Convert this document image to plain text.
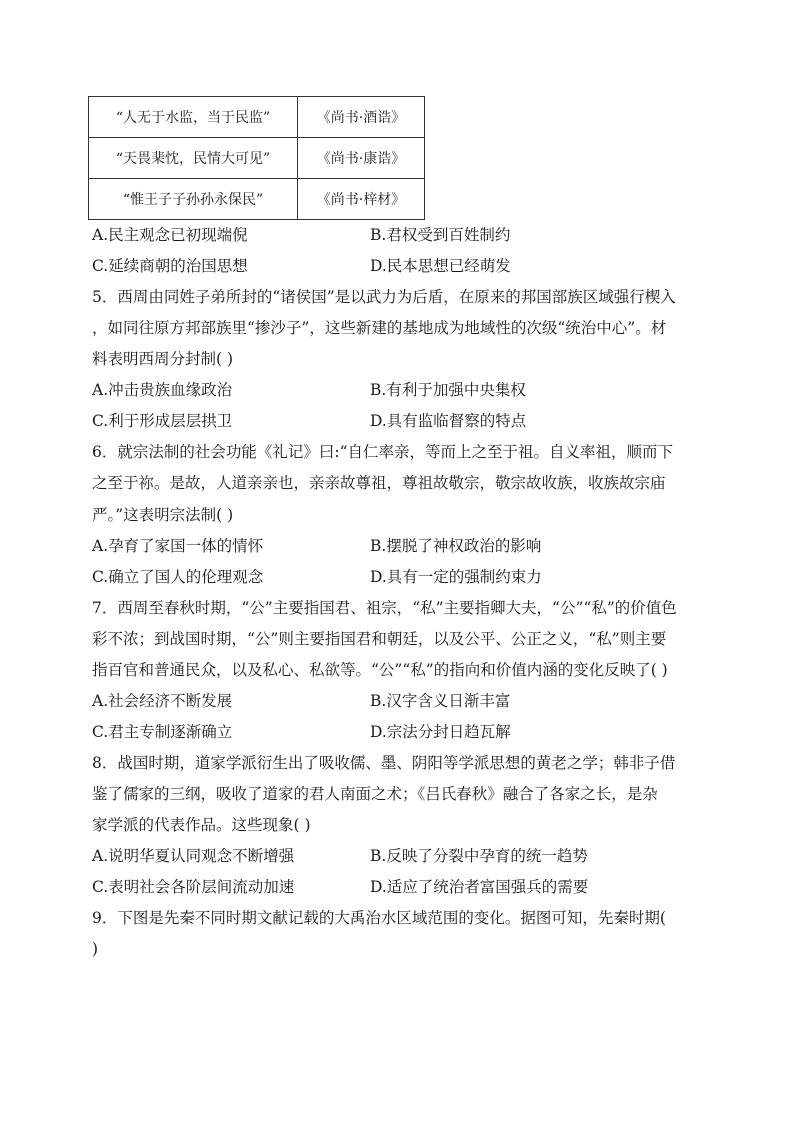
“人无于水监，当于民监”	《尚书·酒诰》
“天畏棐忱，民情大可见”	《尚书·康诰》
“惟王子子孙孙永保民”	《尚书·梓材》
A.民主观念已初现端倪	B.君权受到百姓制约
C.延续商朝的治国思想	D.民本思想已经萌发
5．西周由同姓子弟所封的“诸侯国”是以武力为后盾，在原来的邦国部族区域强行楔入
，如同往原方邦部族里“掺沙子”，这些新建的基地成为地域性的次级“统治中心”。材
料表明西周分封制( )
A.冲击贵族血缘政治	B.有利于加强中央集权
C.利于形成层层拱卫	D.具有监临督察的特点
6．就宗法制的社会功能《礼记》曰:“自仁率亲，等而上之至于祖。自义率祖，顺而下
之至于祢。是故，人道亲亲也，亲亲故尊祖，尊祖故敬宗，敬宗故收族，收族故宗庙
严。”这表明宗法制( )
A.孕育了家国一体的情怀	B.摆脱了神权政治的影响
C.确立了国人的伦理观念	D.具有一定的强制约束力
7．西周至春秋时期，“公”主要指国君、祖宗，“私”主要指卿大夫，“公”“私”的价值色
彩不浓；到战国时期，“公”则主要指国君和朝廷，以及公平、公正之义，“私”则主要
指百官和普通民众，以及私心、私欲等。“公”“私”的指向和价值内涵的变化反映了( )
A.社会经济不断发展	B.汉字含义日渐丰富
C.君主专制逐渐确立	D.宗法分封日趋瓦解
8．战国时期，道家学派衍生出了吸收儒、墨、阴阳等学派思想的黄老之学；韩非子借
鉴了儒家的三纲，吸收了道家的君人南面之术；《吕氏春秋》融合了各家之长，是杂
家学派的代表作品。这些现象( )
A.说明华夏认同观念不断增强	B.反映了分裂中孕育的统一趋势
C.表明社会各阶层间流动加速	D.适应了统治者富国强兵的需要
9．下图是先秦不同时期文献记载的大禹治水区域范围的变化。据图可知，先秦时期(
)
